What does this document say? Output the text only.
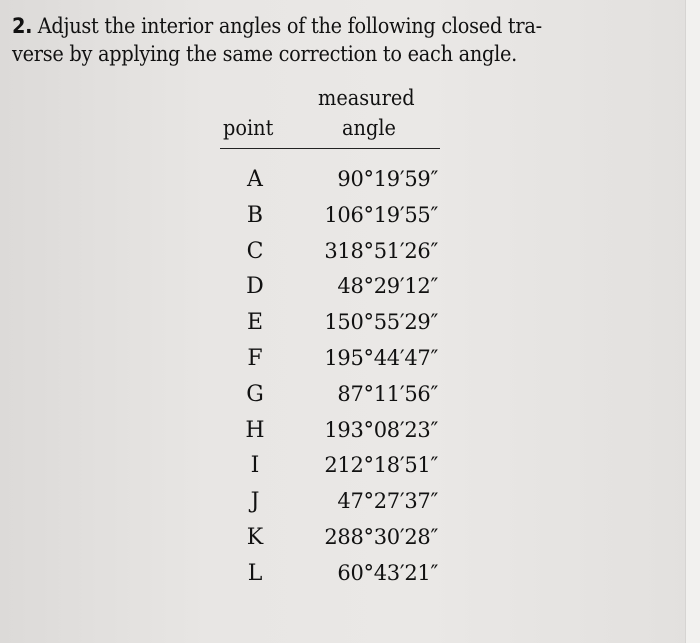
2. Adjust the interior angles of the following closed tra-
verse by applying the same correction to each angle.
measured
point	angle
A	90°19′59″
B	106°19′55″
C	318°51′26″
D	48°29′12″
E	150°55′29″
F	195°44′47″
G	87°11′56″
H	193°08′23″
I	212°18′51″
J	47°27′37″
K	288°30′28″
L	60°43′21″
